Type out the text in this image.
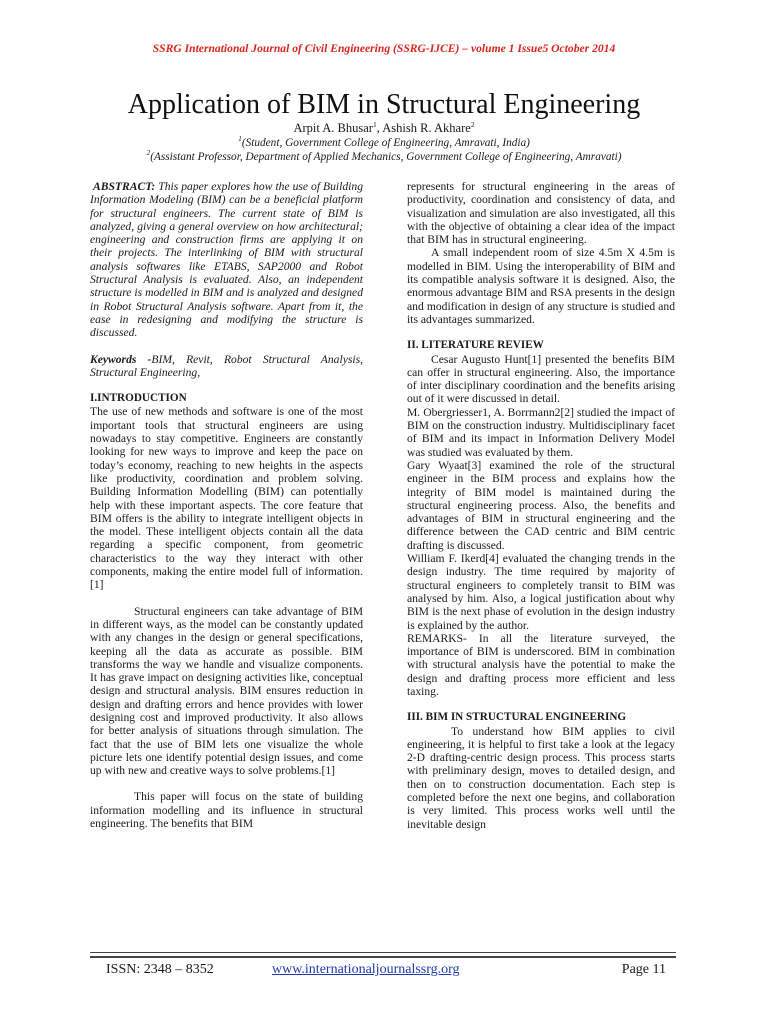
SSRG International Journal of Civil Engineering (SSRG-IJCE) – volume 1 Issue5 October 2014
Application of BIM in Structural Engineering
Arpit A. Bhusar$^1$, Ashish R. Akhare$^2$
$^1$(Student, Government College of Engineering, Amravati, India)
$^2$(Assistant Professor, Department of Applied Mechanics, Government College of Engineering, Amravati)

ABSTRACT: This paper explores how the use of Building Information Modeling (BIM) can be a beneficial platform for structural engineers. The current state of BIM is analyzed, giving a general overview on how architectural; engineering and construction firms are applying it on their projects. The interlinking of BIM with structural analysis softwares like ETABS, SAP2000 and Robot Structural Analysis is evaluated. Also, an independent structure is modelled in BIM and is analyzed and designed in Robot Structural Analysis software. Apart from it, the ease in redesigning and modifying the structure is discussed.

Keywords -BIM, Revit, Robot Structural Analysis, Structural Engineering,

I.INTRODUCTION

The use of new methods and software is one of the most important tools that structural engineers are using nowadays to stay competitive. Engineers are constantly looking for new ways to improve and keep the pace on today’s economy, reaching to new heights in the aspects like productivity, coordination and problem solving. Building Information Modelling (BIM) can potentially help with these important aspects. The core feature that BIM offers is the ability to integrate intelligent objects in the model. These intelligent objects contain all the data regarding a specific component, from geometric characteristics to the way they interact with other components, making the entire model full of information. [1]

Structural engineers can take advantage of BIM in different ways, as the model can be constantly updated with any changes in the design or general specifications, keeping all the data as accurate as possible. BIM transforms the way we handle and visualize components. It has grave impact on designing activities like, conceptual design and structural analysis. BIM ensures reduction in design and drafting errors and hence provides with lower designing cost and improved productivity. It also allows for better analysis of situations through simulation. The fact that the use of BIM lets one visualize the whole picture lets one identify potential design issues, and come up with new and creative ways to solve problems.[1]

This paper will focus on the state of building information modelling and its influence in structural engineering. The benefits that BIM

represents for structural engineering in the areas of productivity, coordination and consistency of data, and visualization and simulation are also investigated, all this with the objective of obtaining a clear idea of the impact that BIM has in structural engineering.

A small independent room of size 4.5m X 4.5m is modelled in BIM. Using the interoperability of BIM and its compatible analysis software it is designed. Also, the enormous advantage BIM and RSA presents in the design and modification in design of any structure is studied and its advantages summarized.

II. LITERATURE REVIEW

Cesar Augusto Hunt[1] presented the benefits BIM can offer in structural engineering. Also, the importance of inter disciplinary coordination and the benefits arising out of it were discussed in detail.

M. Obergriesser1, A. Borrmann2[2] studied the impact of BIM on the construction industry. Multidisciplinary facet of BIM and its impact in Information Delivery Model was studied was evaluated by them.

Gary Wyaat[3] examined the role of the structural engineer in the BIM process and explains how the integrity of BIM model is maintained during the structural engineering process. Also, the benefits and advantages of BIM in structural engineering and the difference between the CAD centric and BIM centric drafting is discussed.

William F. Ikerd[4] evaluated the changing trends in the design industry. The time required by majority of structural engineers to completely transit to BIM was analysed by him. Also, a logical justification about why BIM is the next phase of evolution in the design industry is explained by the author.

REMARKS- In all the literature surveyed, the importance of BIM is underscored. BIM in combination with structural analysis have the potential to make the design and drafting process more efficient and less taxing.

III. BIM IN STRUCTURAL ENGINEERING

To understand how BIM applies to civil engineering, it is helpful to first take a look at the legacy 2-D drafting-centric design process. This process starts with preliminary design, moves to detailed design, and then on to construction documentation. Each step is completed before the next one begins, and collaboration is very limited. This process works well until the inevitable design

ISSN: 2348 – 8352	www.internationaljournalssrg.org	Page 11
